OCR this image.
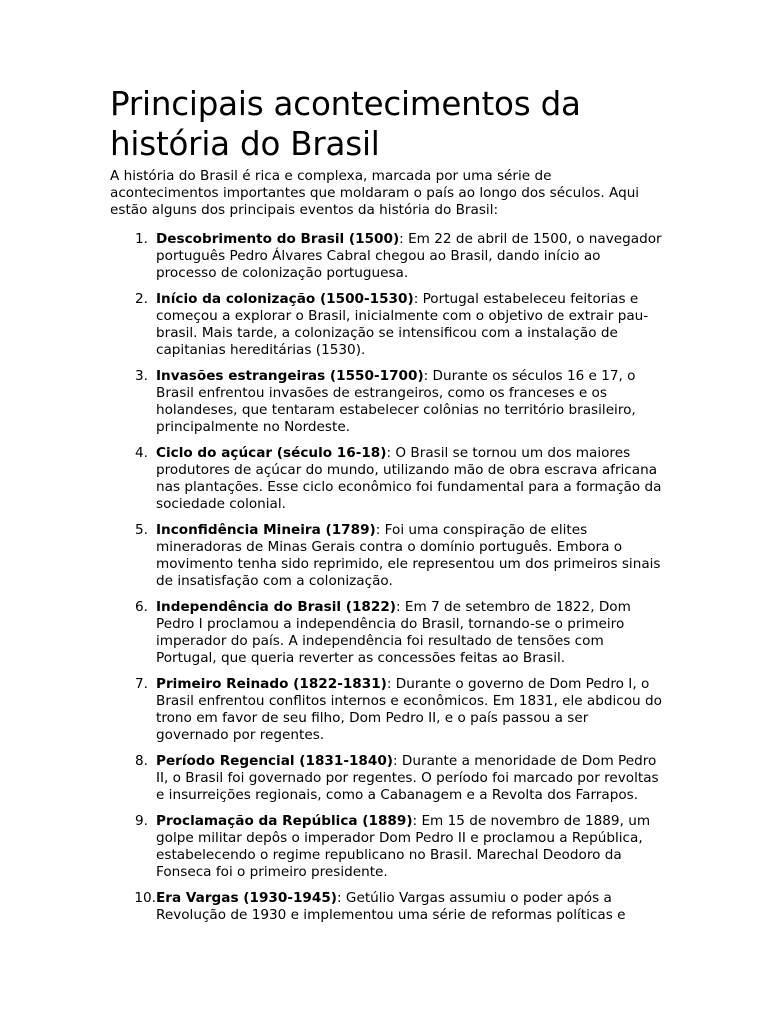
Principais acontecimentos da história do Brasil

A história do Brasil é rica e complexa, marcada por uma série de acontecimentos importantes que moldaram o país ao longo dos séculos. Aqui estão alguns dos principais eventos da história do Brasil:

1. Descobrimento do Brasil (1500): Em 22 de abril de 1500, o navegador português Pedro Álvares Cabral chegou ao Brasil, dando início ao processo de colonização portuguesa.
2. Início da colonização (1500-1530): Portugal estabeleceu feitorias e começou a explorar o Brasil, inicialmente com o objetivo de extrair pau-brasil. Mais tarde, a colonização se intensificou com a instalação de capitanias hereditárias (1530).
3. Invasões estrangeiras (1550-1700): Durante os séculos 16 e 17, o Brasil enfrentou invasões de estrangeiros, como os franceses e os holandeses, que tentaram estabelecer colônias no território brasileiro, principalmente no Nordeste.
4. Ciclo do açúcar (século 16-18): O Brasil se tornou um dos maiores produtores de açúcar do mundo, utilizando mão de obra escrava africana nas plantações. Esse ciclo econômico foi fundamental para a formação da sociedade colonial.
5. Inconfidência Mineira (1789): Foi uma conspiração de elites mineradoras de Minas Gerais contra o domínio português. Embora o movimento tenha sido reprimido, ele representou um dos primeiros sinais de insatisfação com a colonização.
6. Independência do Brasil (1822): Em 7 de setembro de 1822, Dom Pedro I proclamou a independência do Brasil, tornando-se o primeiro imperador do país. A independência foi resultado de tensões com Portugal, que queria reverter as concessões feitas ao Brasil.
7. Primeiro Reinado (1822-1831): Durante o governo de Dom Pedro I, o Brasil enfrentou conflitos internos e econômicos. Em 1831, ele abdicou do trono em favor de seu filho, Dom Pedro II, e o país passou a ser governado por regentes.
8. Período Regencial (1831-1840): Durante a menoridade de Dom Pedro II, o Brasil foi governado por regentes. O período foi marcado por revoltas e insurreições regionais, como a Cabanagem e a Revolta dos Farrapos.
9. Proclamação da República (1889): Em 15 de novembro de 1889, um golpe militar depôs o imperador Dom Pedro II e proclamou a República, estabelecendo o regime republicano no Brasil. Marechal Deodoro da Fonseca foi o primeiro presidente.
10. Era Vargas (1930-1945): Getúlio Vargas assumiu o poder após a Revolução de 1930 e implementou uma série de reformas políticas e
